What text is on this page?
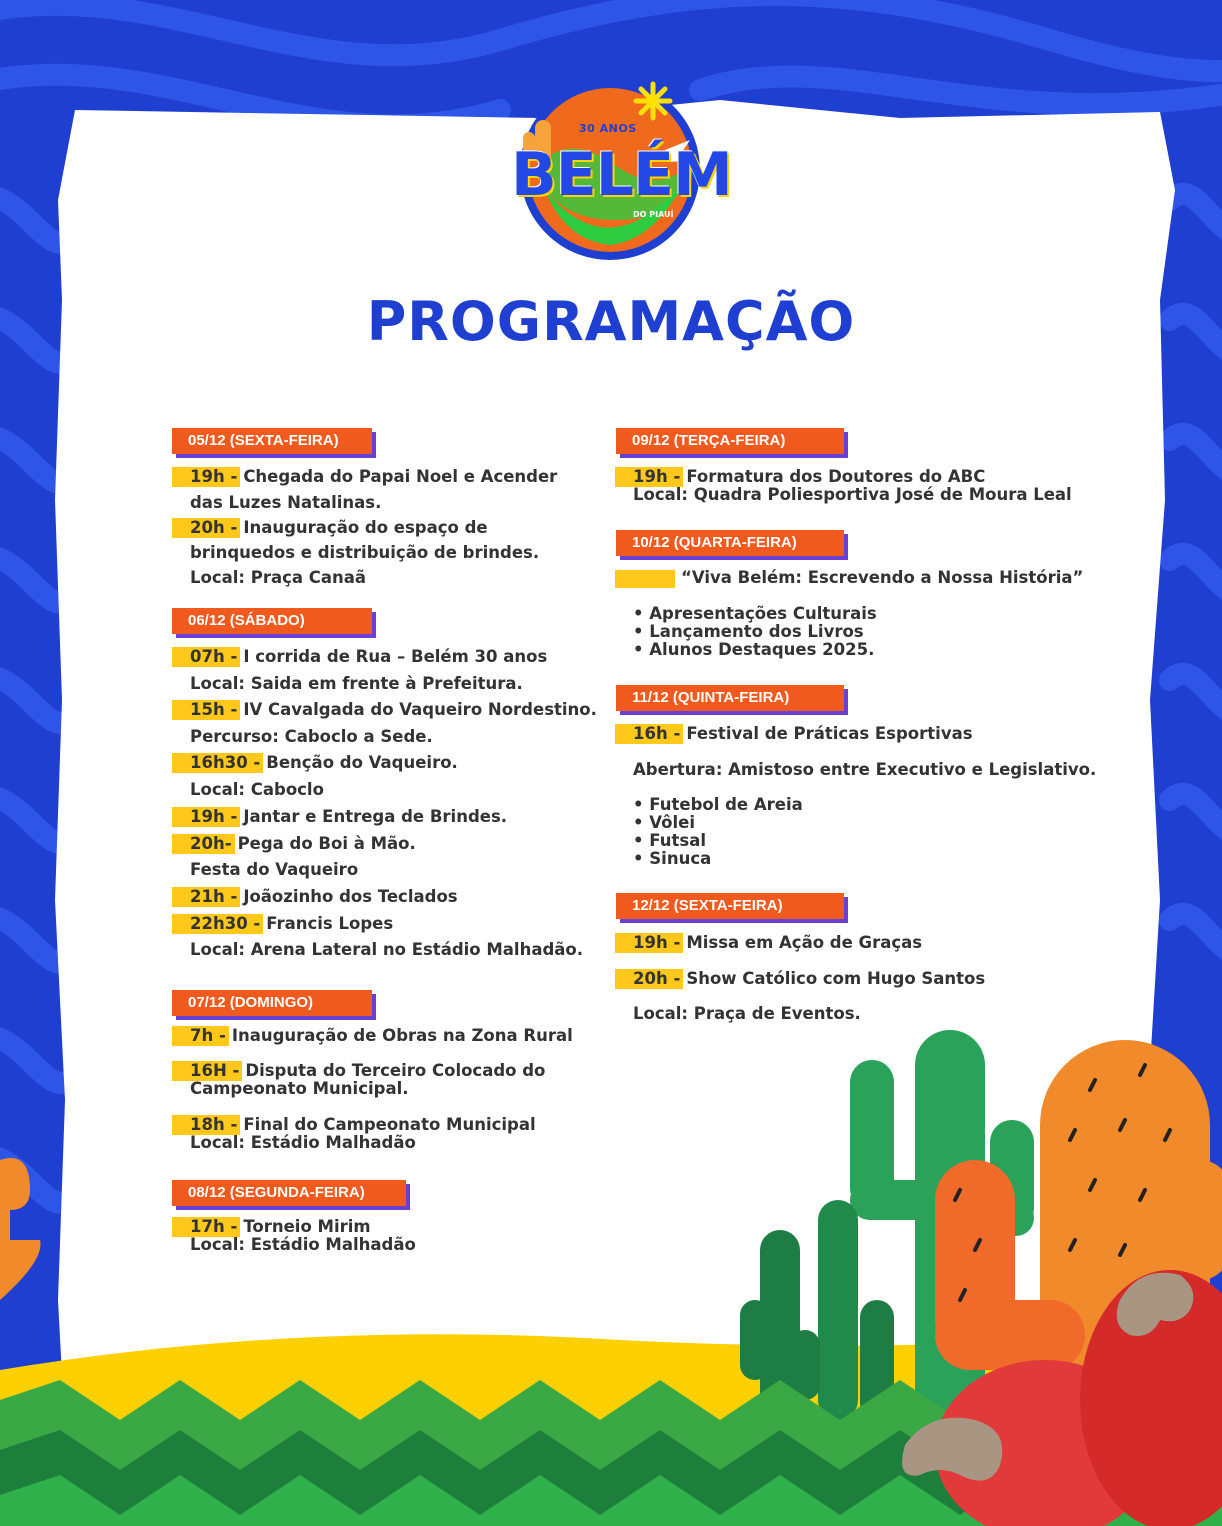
30 ANOS
BELÉM
DO PIAUÍ
PROGRAMAÇÃO
05/12 (SEXTA-FEIRA)
19h - Chegada do Papai Noel e Acender
das Luzes Natalinas.
20h - Inauguração do espaço de
brinquedos e distribuição de brindes.
Local: Praça Canaã
06/12 (SÁBADO)
07h - I corrida de Rua – Belém 30 anos
Local: Saida em frente à Prefeitura.
15h - IV Cavalgada do Vaqueiro Nordestino.
Percurso: Caboclo a Sede.
16h30 - Benção do Vaqueiro.
Local: Caboclo
19h - Jantar e Entrega de Brindes.
20h- Pega do Boi à Mão.
Festa do Vaqueiro
21h - Joãozinho dos Teclados
22h30 - Francis Lopes
Local: Arena Lateral no Estádio Malhadão.
07/12 (DOMINGO)
7h - Inauguração de Obras na Zona Rural
16H - Disputa do Terceiro Colocado do
Campeonato Municipal.
18h - Final do Campeonato Municipal
Local: Estádio Malhadão
08/12 (SEGUNDA-FEIRA)
17h - Torneio Mirim
Local: Estádio Malhadão
09/12 (TERÇA-FEIRA)
19h - Formatura dos Doutores do ABC
Local: Quadra Poliesportiva José de Moura Leal
10/12 (QUARTA-FEIRA)
“Viva Belém: Escrevendo a Nossa História”
• Apresentações Culturais
• Lançamento dos Livros
• Alunos Destaques 2025.
11/12 (QUINTA-FEIRA)
16h - Festival de Práticas Esportivas
Abertura: Amistoso entre Executivo e Legislativo.
• Futebol de Areia
• Vôlei
• Futsal
• Sinuca
12/12 (SEXTA-FEIRA)
19h - Missa em Ação de Graças
20h - Show Católico com Hugo Santos
Local: Praça de Eventos.
